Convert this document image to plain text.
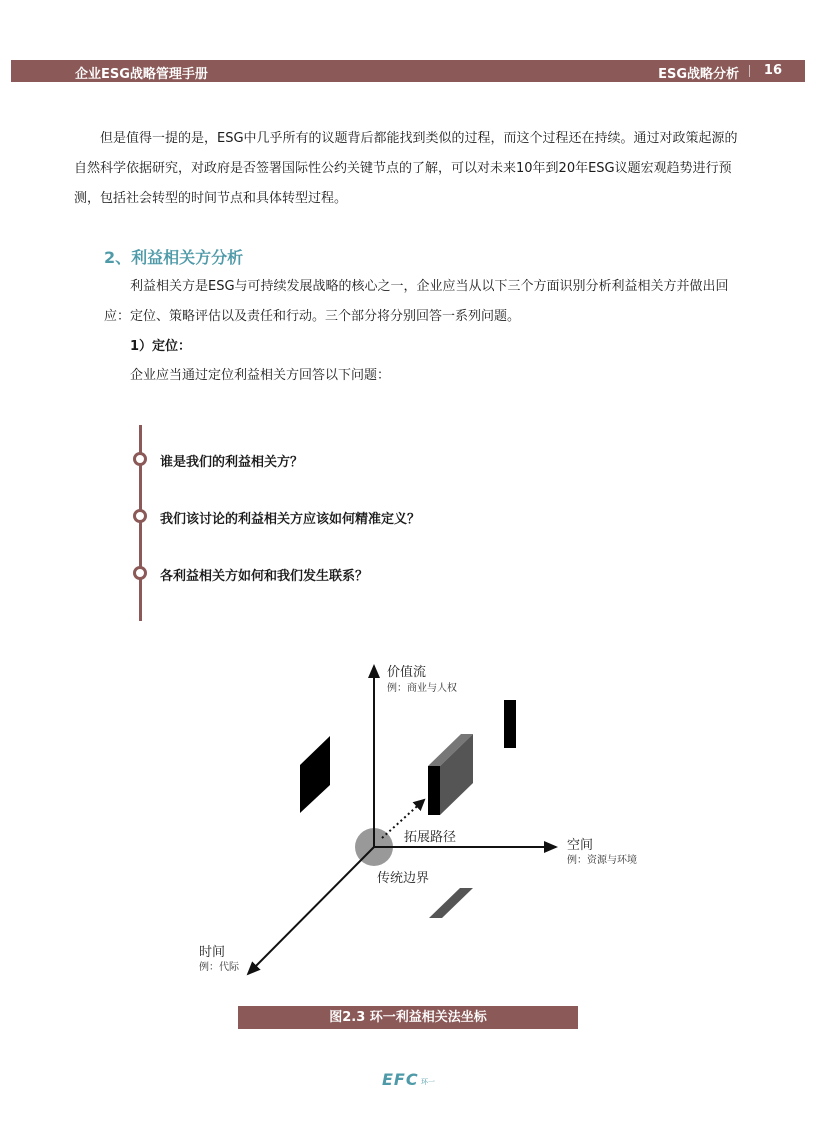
企业ESG战略管理手册	ESG战略分析 16
但是值得一提的是，ESG中几乎所有的议题背后都能找到类似的过程，而这个过程还在持续。通过对政策起源的自然科学依据研究，对政府是否签署国际性公约关键节点的了解，可以对未来10年到20年ESG议题宏观趋势进行预测，包括社会转型的时间节点和具体转型过程。
2、利益相关方分析
利益相关方是ESG与可持续发展战略的核心之一，企业应当从以下三个方面识别分析利益相关方并做出回应：定位、策略评估以及责任和行动。三个部分将分别回答一系列问题。
1）定位：
企业应当通过定位利益相关方回答以下问题：
谁是我们的利益相关方？
我们该讨论的利益相关方应该如何精准定义？
各利益相关方如何和我们发生联系？
价值流
例：商业与人权
空间
例：资源与环境
时间
例：代际
拓展路径
传统边界
图2.3 环一利益相关法坐标
EFC 环一
